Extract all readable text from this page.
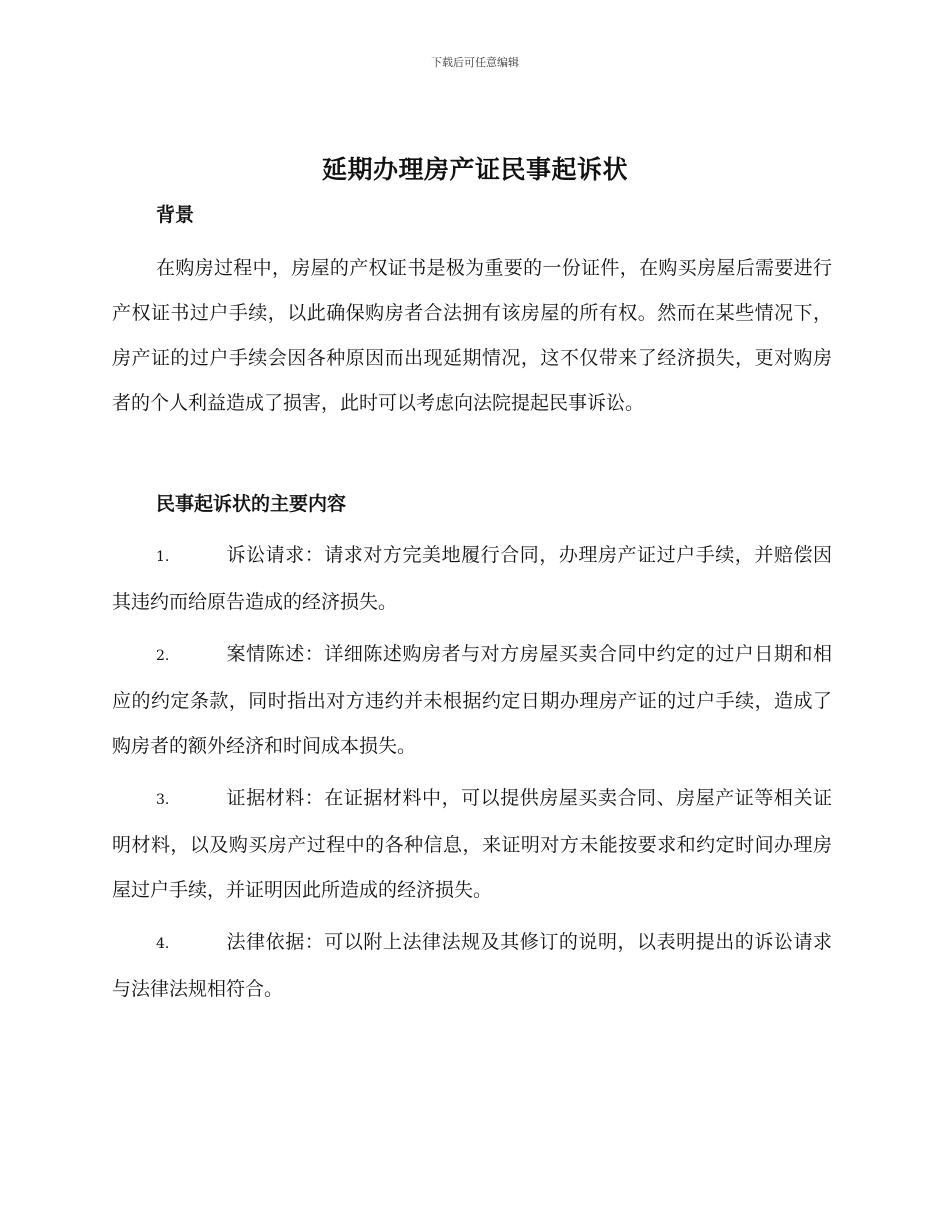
下载后可任意编辑
延期办理房产证民事起诉状
背景

在购房过程中，房屋的产权证书是极为重要的一份证件，在购买房屋后需要进行产权证书过户手续，以此确保购房者合法拥有该房屋的所有权。然而在某些情况下，房产证的过户手续会因各种原因而出现延期情况，这不仅带来了经济损失，更对购房者的个人利益造成了损害，此时可以考虑向法院提起民事诉讼。

民事起诉状的主要内容

1.	诉讼请求：请求对方完美地履行合同，办理房产证过户手续，并赔偿因其违约而给原告造成的经济损失。

2.	案情陈述：详细陈述购房者与对方房屋买卖合同中约定的过户日期和相应的约定条款，同时指出对方违约并未根据约定日期办理房产证的过户手续，造成了购房者的额外经济和时间成本损失。

3.	证据材料：在证据材料中，可以提供房屋买卖合同、房屋产证等相关证明材料，以及购买房产过程中的各种信息，来证明对方未能按要求和约定时间办理房屋过户手续，并证明因此所造成的经济损失。

4.	法律依据：可以附上法律法规及其修订的说明，以表明提出的诉讼请求与法律法规相符合。
